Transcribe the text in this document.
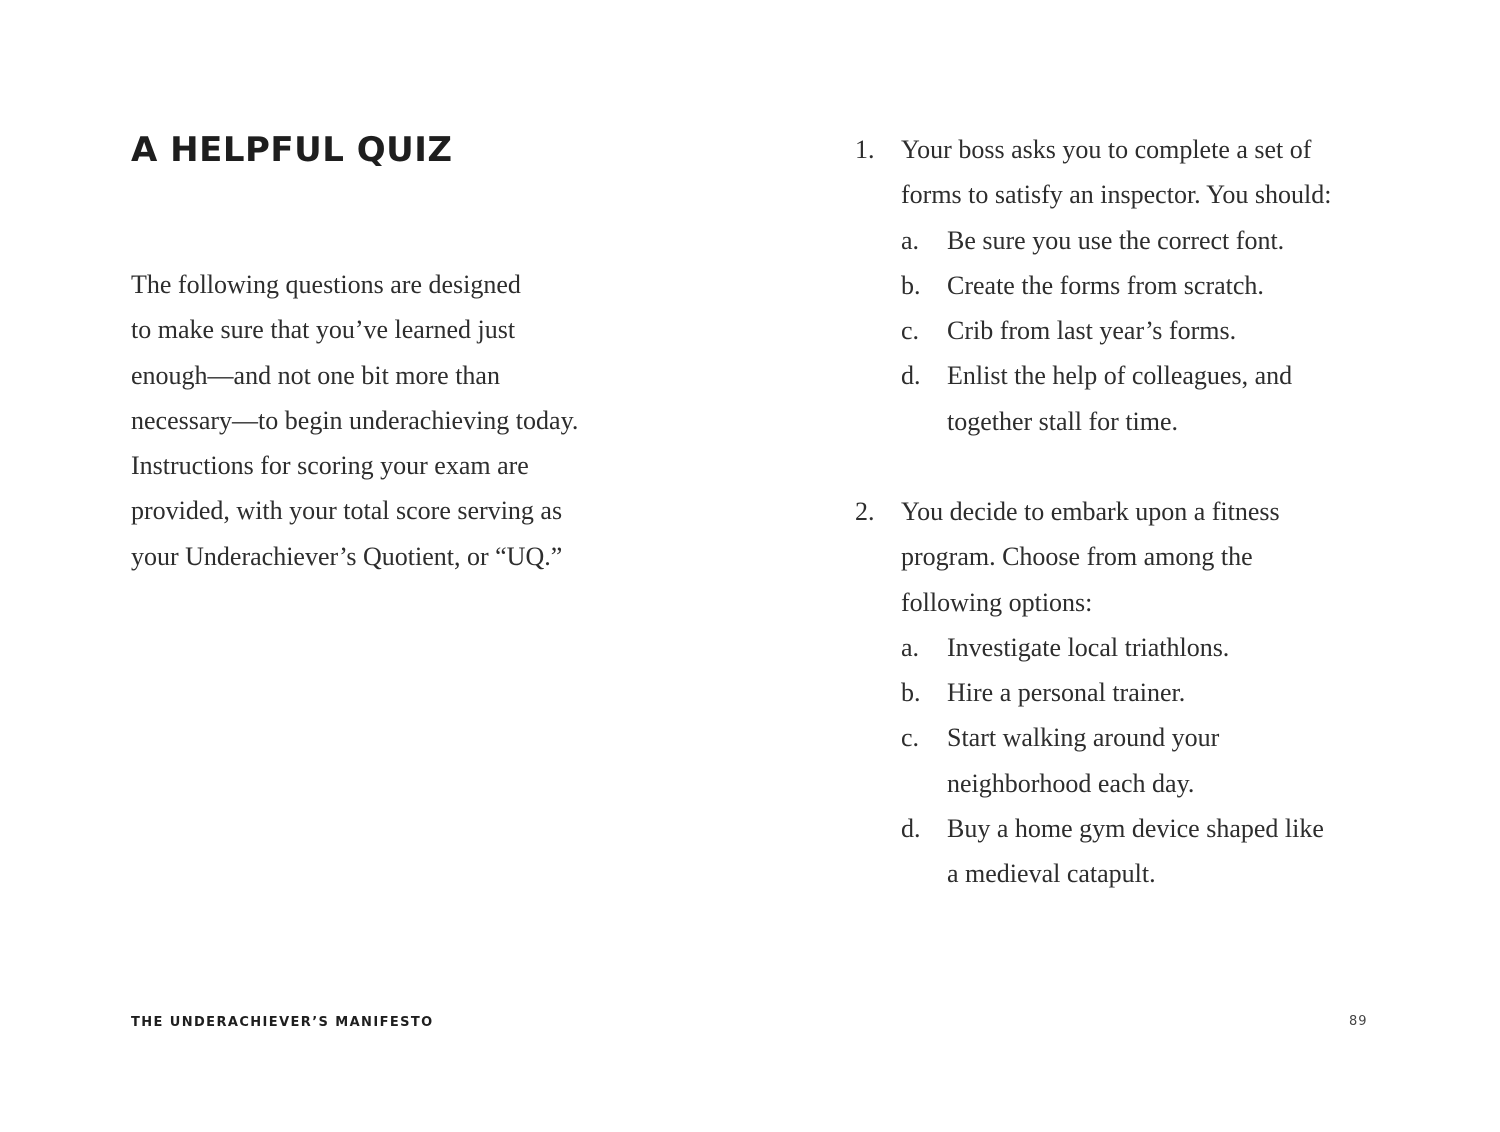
A HELPFUL QUIZ

The following questions are designed
to make sure that you’ve learned just
enough—and not one bit more than
necessary—to begin underachieving today.
Instructions for scoring your exam are
provided, with your total score serving as
your Underachiever’s Quotient, or “UQ.”

1.	Your boss asks you to complete a set of
forms to satisfy an inspector. You should:
a.	Be sure you use the correct font.
b.	Create the forms from scratch.
c.	Crib from last year’s forms.
d.	Enlist the help of colleagues, and
together stall for time.
2.	You decide to embark upon a fitness
program. Choose from among the
following options:
a.	Investigate local triathlons.
b.	Hire a personal trainer.
c.	Start walking around your
neighborhood each day.
d.	Buy a home gym device shaped like
a medieval catapult.
THE UNDERACHIEVER’S MANIFESTO	89
